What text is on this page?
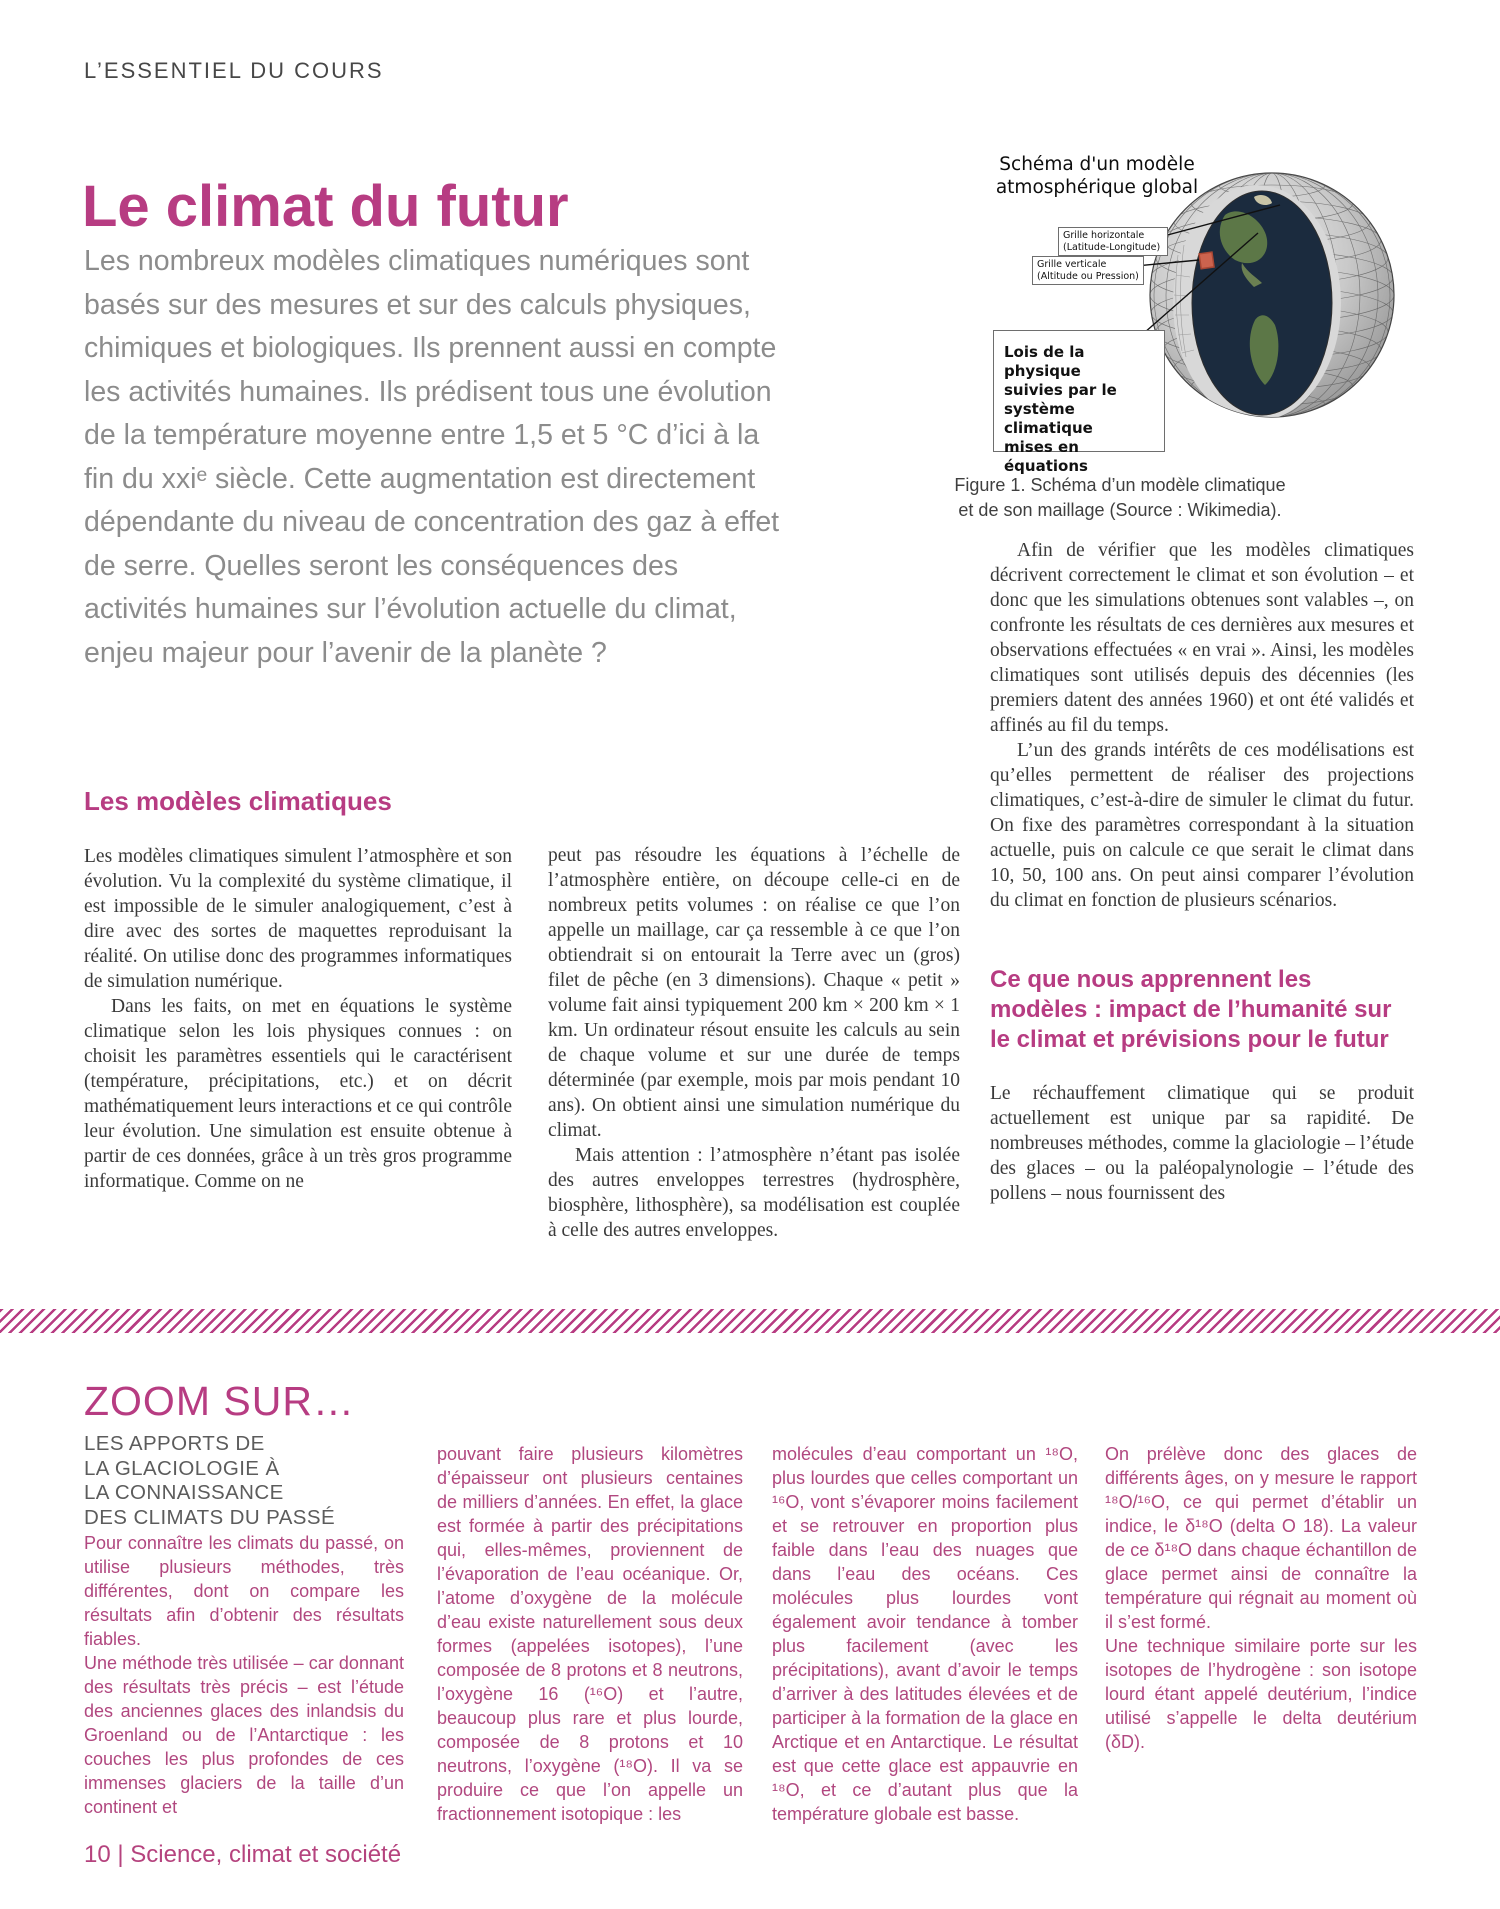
L’ESSENTIEL DU COURS
Le climat du futur
Les nombreux modèles climatiques numériques sont basés sur des mesures et sur des calculs physiques, chimiques et biologiques. Ils prennent aussi en compte les activités humaines. Ils prédisent tous une évolution de la température moyenne entre 1,5 et 5 °C d’ici à la fin du xxiᵉ siècle. Cette augmentation est directement dépendante du niveau de concentration des gaz à effet de serre. Quelles seront les conséquences des activités humaines sur l’évolution actuelle du climat, enjeu majeur pour l’avenir de la planète ?
Schéma d'un modèle
atmosphérique global
Grille horizontale
(Latitude-Longitude)
Grille verticale
(Altitude ou Pression)
Lois de la physique
suivies par le
système climatique
mises en équations
Figure 1. Schéma d’un modèle climatique
et de son maillage (Source : Wikimedia).
Les modèles climatiques

Les modèles climatiques simulent l’atmosphère et son évolution. Vu la complexité du système climatique, il est impossible de le simuler analogiquement, c’est à dire avec des sortes de maquettes reproduisant la réalité. On utilise donc des programmes informatiques de simulation numérique.

Dans les faits, on met en équations le système climatique selon les lois physiques connues : on choisit les paramètres essentiels qui le caractérisent (température, précipitations, etc.) et on décrit mathématiquement leurs interactions et ce qui contrôle leur évolution. Une simulation est ensuite obtenue à partir de ces données, grâce à un très gros programme informatique. Comme on ne

peut pas résoudre les équations à l’échelle de l’atmosphère entière, on découpe celle-ci en de nombreux petits volumes : on réalise ce que l’on appelle un maillage, car ça ressemble à ce que l’on obtiendrait si on entourait la Terre avec un (gros) filet de pêche (en 3 dimensions). Chaque « petit » volume fait ainsi typiquement 200 km × 200 km × 1 km. Un ordinateur résout ensuite les calculs au sein de chaque volume et sur une durée de temps déterminée (par exemple, mois par mois pendant 10 ans). On obtient ainsi une simulation numérique du climat.

Mais attention : l’atmosphère n’étant pas isolée des autres enveloppes terrestres (hydrosphère, biosphère, lithosphère), sa modélisation est couplée à celle des autres enveloppes.

Afin de vérifier que les modèles climatiques décrivent correctement le climat et son évolution – et donc que les simulations obtenues sont valables –, on confronte les résultats de ces dernières aux mesures et observations effectuées « en vrai ». Ainsi, les modèles climatiques sont utilisés depuis des décennies (les premiers datent des années 1960) et ont été validés et affinés au fil du temps.

L’un des grands intérêts de ces modélisations est qu’elles permettent de réaliser des projections climatiques, c’est-à-dire de simuler le climat du futur. On fixe des paramètres correspondant à la situation actuelle, puis on calcule ce que serait le climat dans 10, 50, 100 ans. On peut ainsi comparer l’évolution du climat en fonction de plusieurs scénarios.

Ce que nous apprennent les modèles : impact de l’humanité sur le climat et prévisions pour le futur

Le réchauffement climatique qui se produit actuellement est unique par sa rapidité. De nombreuses méthodes, comme la glaciologie – l’étude des glaces – ou la paléopalynologie – l’étude des pollens – nous fournissent des

ZOOM SUR…
LES APPORTS DE
LA GLACIOLOGIE À
LA CONNAISSANCE
DES CLIMATS DU PASSÉ

Pour connaître les climats du passé, on utilise plusieurs méthodes, très différentes, dont on compare les résultats afin d’obtenir des résultats fiables.

Une méthode très utilisée – car donnant des résultats très précis – est l’étude des anciennes glaces des inlandsis du Groenland ou de l’Antarctique : les couches les plus profondes de ces immenses glaciers de la taille d’un continent et

pouvant faire plusieurs kilomètres d’épaisseur ont plusieurs centaines de milliers d’années. En effet, la glace est formée à partir des précipitations qui, elles-mêmes, proviennent de l’évaporation de l’eau océanique. Or, l’atome d’oxygène de la molécule d’eau existe naturellement sous deux formes (appelées isotopes), l’une composée de 8 protons et 8 neutrons, l’oxygène 16 (¹⁶O) et l’autre, beaucoup plus rare et plus lourde, composée de 8 protons et 10 neutrons, l’oxygène (¹⁸O). Il va se produire ce que l’on appelle un fractionnement isotopique : les

molécules d’eau comportant un ¹⁸O, plus lourdes que celles comportant un ¹⁶O, vont s’évaporer moins facilement et se retrouver en proportion plus faible dans l’eau des nuages que dans l’eau des océans. Ces molécules plus lourdes vont également avoir tendance à tomber plus facilement (avec les précipitations), avant d’avoir le temps d’arriver à des latitudes élevées et de participer à la formation de la glace en Arctique et en Antarctique. Le résultat est que cette glace est appauvrie en ¹⁸O, et ce d’autant plus que la température globale est basse.

On prélève donc des glaces de différents âges, on y mesure le rapport ¹⁸O/¹⁶O, ce qui permet d’établir un indice, le δ¹⁸O (delta O 18). La valeur de ce δ¹⁸O dans chaque échantillon de glace permet ainsi de connaître la température qui régnait au moment où il s’est formé.

Une technique similaire porte sur les isotopes de l’hydrogène : son isotope lourd étant appelé deutérium, l’indice utilisé s’appelle le delta deutérium (δD).

10 | Science, climat et société
